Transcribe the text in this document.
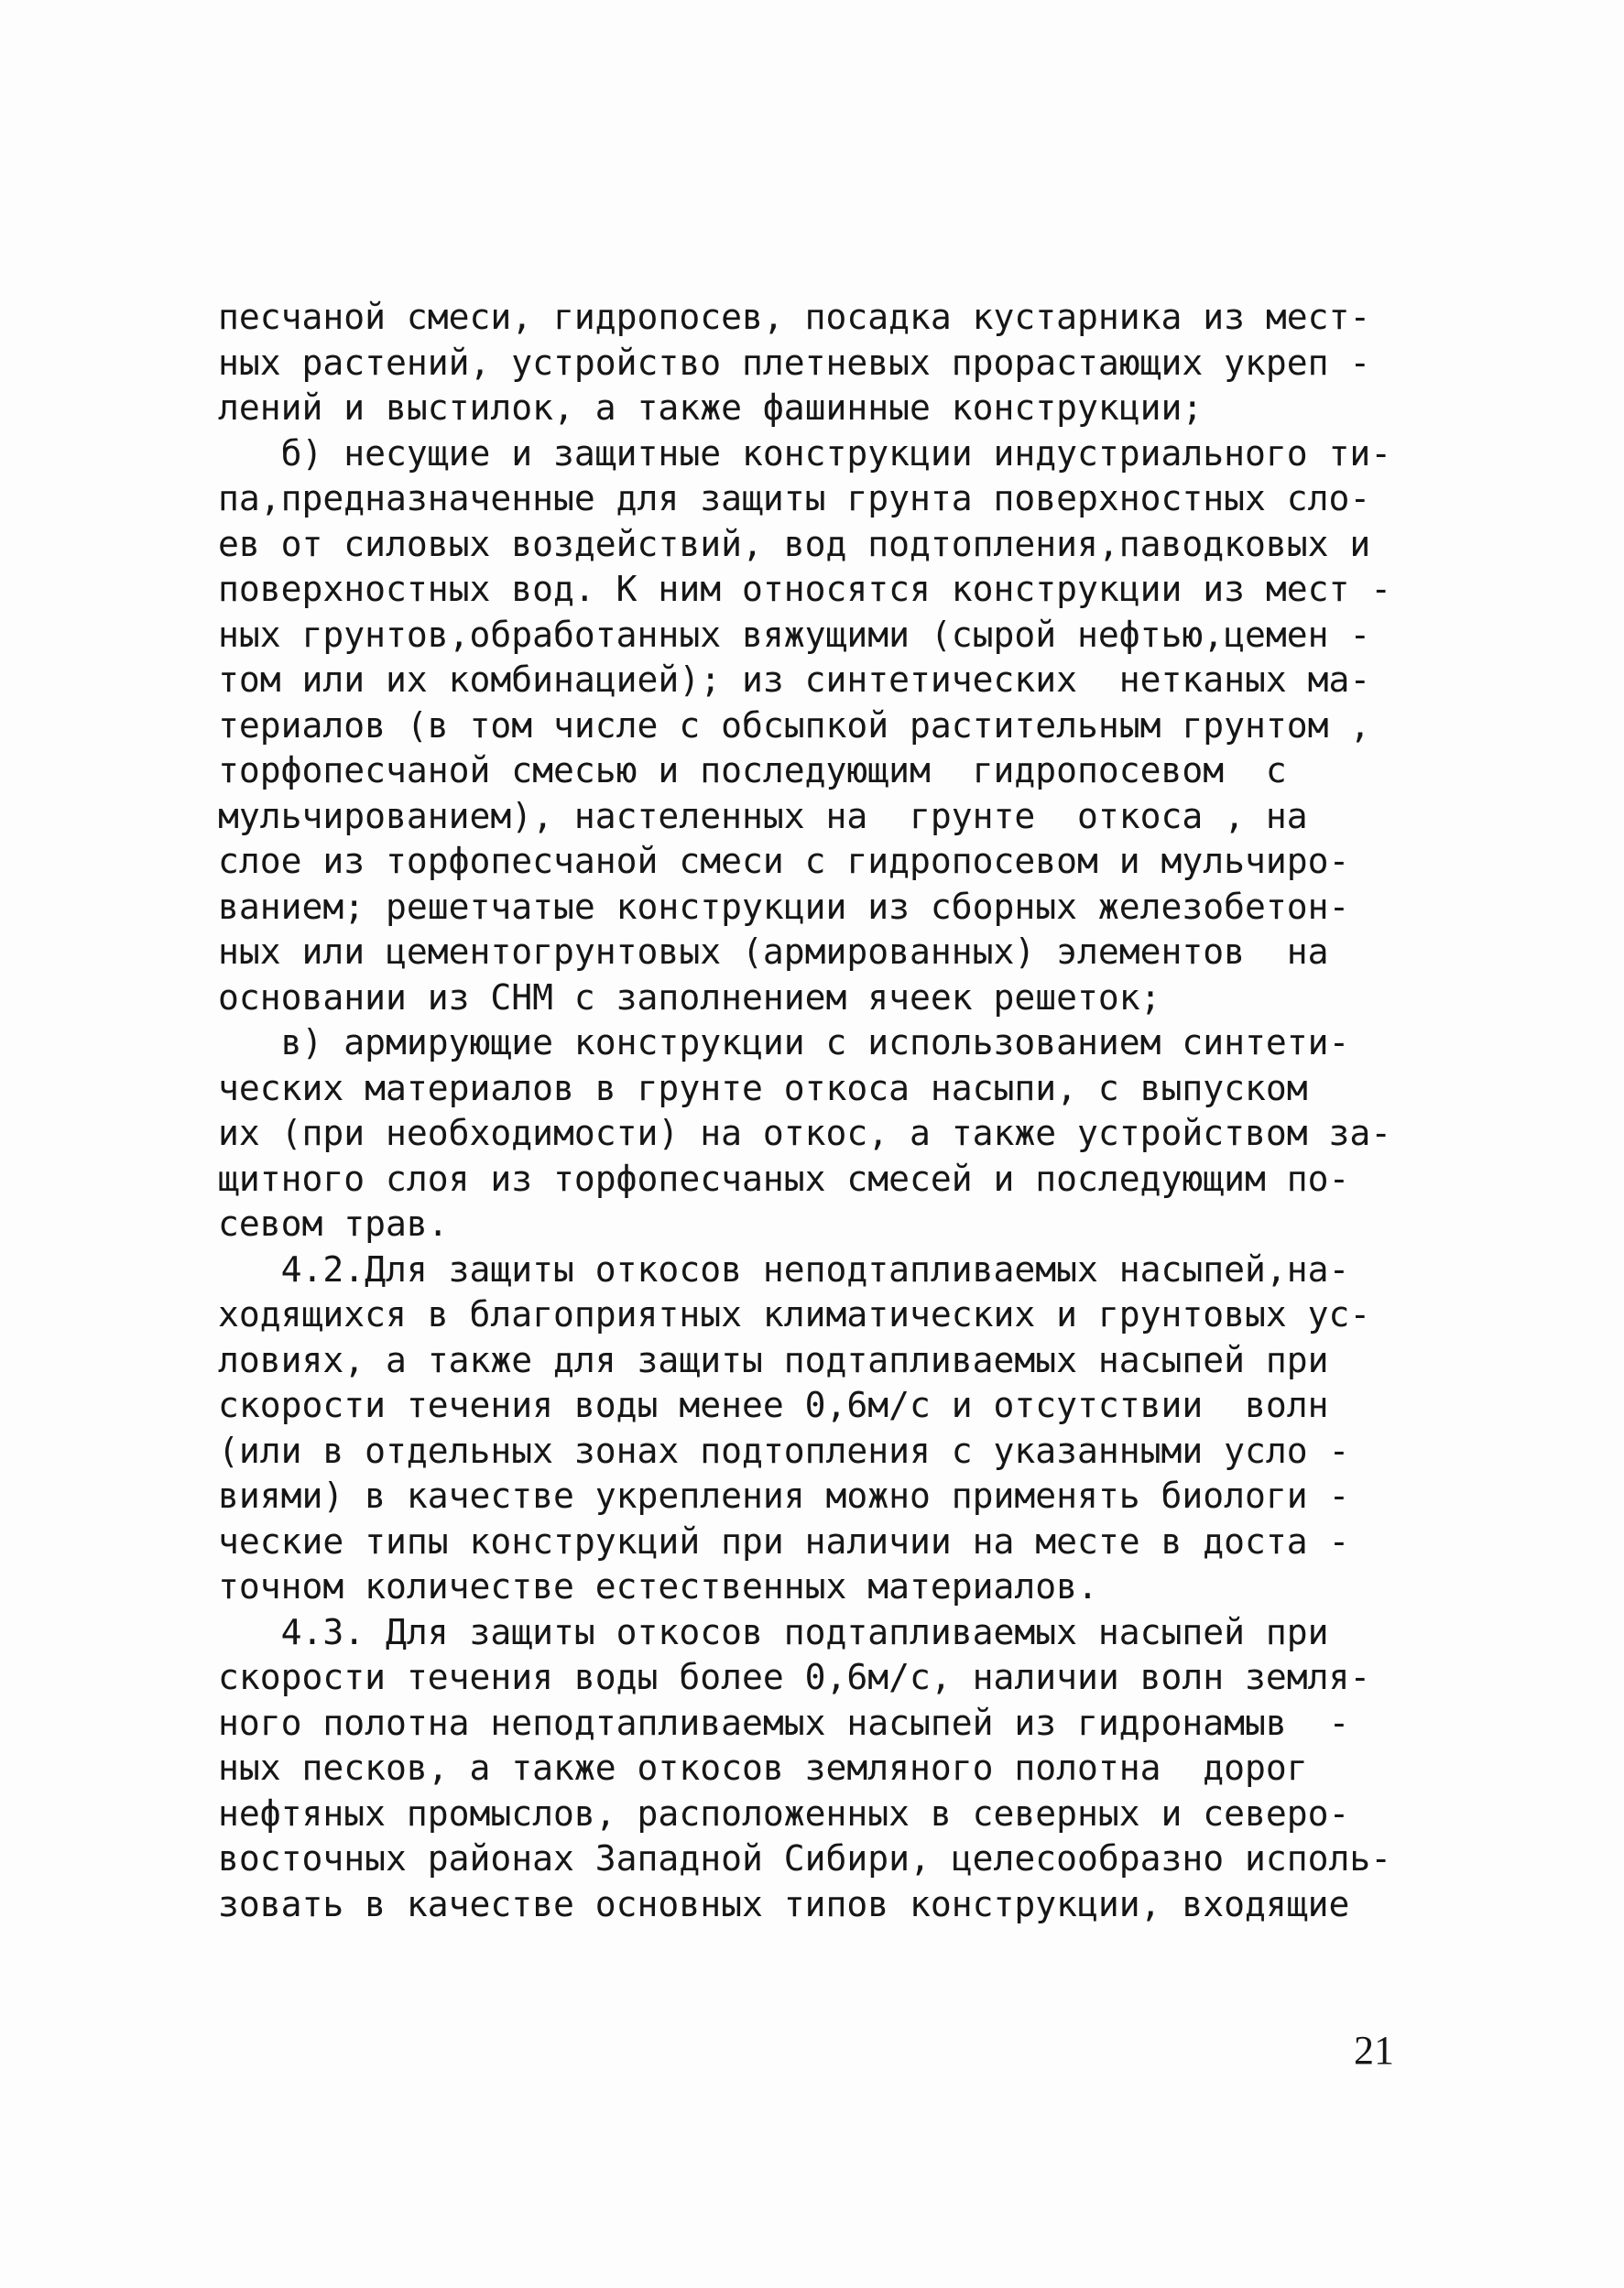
песчаной смеси, гидропосев, посадка кустарника из мест-
ных растений, устройство плетневых прорастающих укреп -
лений и выстилок, а также фашинные конструкции;
б) несущие и защитные конструкции индустриального ти-
па,предназначенные для защиты грунта поверхностных сло-
ев от силовых воздействий, вод подтопления,паводковых и
поверхностных вод. К ним относятся конструкции из мест -
ных грунтов,обработанных вяжущими (сырой нефтью,цемен -
том или их комбинацией); из синтетических  нетканых ма-
териалов (в том числе с обсыпкой растительным грунтом ,
торфопесчаной смесью и последующим  гидропосевом  с
мульчированием), настеленных на  грунте  откоса , на
слое из торфопесчаной смеси с гидропосевом и мульчиро-
ванием; решетчатые конструкции из сборных железобетон-
ных или цементогрунтовых (армированных) элементов  на
основании из СНМ с заполнением ячеек решеток;
в) армирующие конструкции с использованием синтети-
ческих материалов в грунте откоса насыпи, с выпуском
их (при необходимости) на откос, а также устройством за-
щитного слоя из торфопесчаных смесей и последующим по-
севом трав.
4.2.Для защиты откосов неподтапливаемых насыпей,на-
ходящихся в благоприятных климатических и грунтовых ус-
ловиях, а также для защиты подтапливаемых насыпей при
скорости течения воды менее 0,6м/с и отсутствии  волн
(или в отдельных зонах подтопления с указанными усло -
виями) в качестве укрепления можно применять биологи -
ческие типы конструкций при наличии на месте в доста -
точном количестве естественных материалов.
4.3. Для защиты откосов подтапливаемых насыпей при
скорости течения воды более 0,6м/с, наличии волн земля-
ного полотна неподтапливаемых насыпей из гидронамыв  -
ных песков, а также откосов земляного полотна  дорог
нефтяных промыслов, расположенных в северных и северо-
восточных районах Западной Сибири, целесообразно исполь-
зовать в качестве основных типов конструкции, входящие
21
